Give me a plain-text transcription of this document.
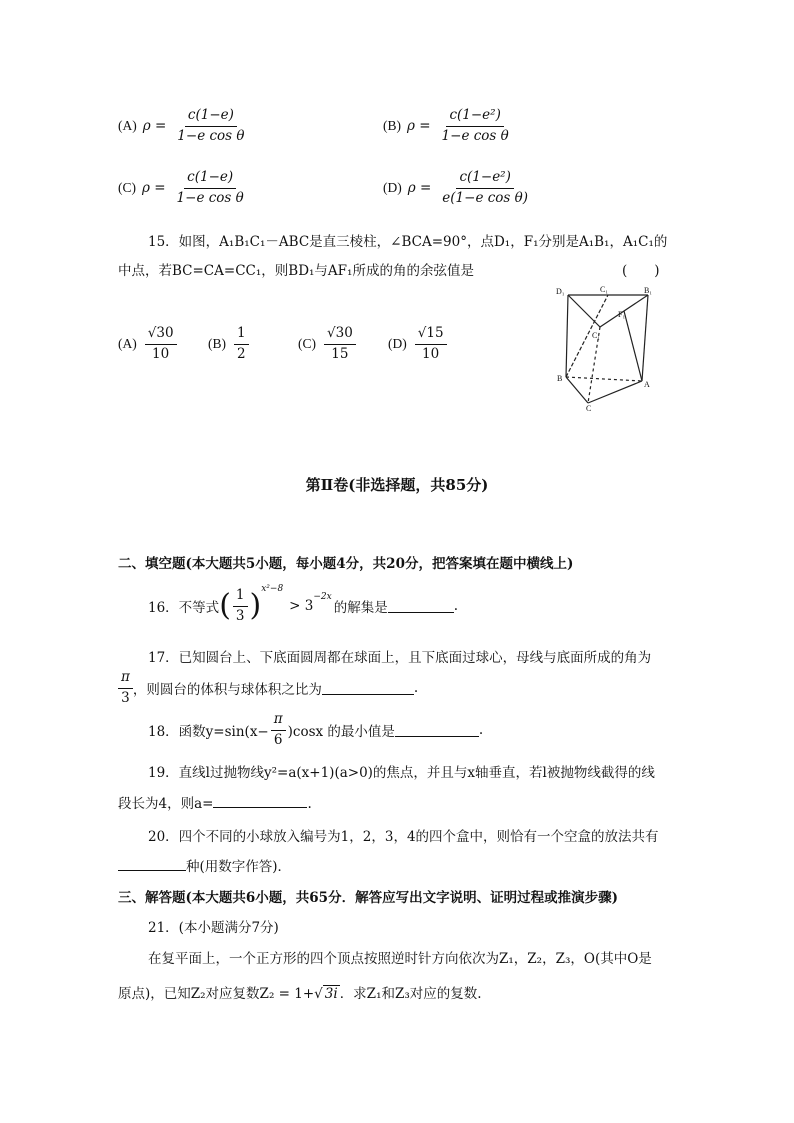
(A) $\rho = \frac{c(1-e)}{\text{1−e cos θ}}$	(B) $\rho = \frac{\text{c(1−e²)}}{\text{1−e cos θ}}$
(C) $\rho = \frac{c(1-e)}{\text{1−e cos θ}}$	(D) $\rho = \frac{\text{c(1−e²)}}{\text{e(1−e cos θ)}}$
15．如图，A₁B₁C₁－ABC是直三棱柱，∠BCA=90°，点D₁，F₁分别是A₁B₁，A₁C₁的
中点，若BC=CA=CC₁，则BD₁与AF₁所成的角的余弦值是	(　　)
$(A) \frac{√30}{10} (B) \frac{1}{2}$	$(C) \frac{√30}{15} (D) \frac{√15}{10}$
D₁	C₁	B₁
F₁
C₁
B
A
C
第Ⅱ卷(非选择题，共85分)
二、填空题(本大题共5小题，每小题4分，共20分，把答案填在题中横线上)
16．不等式 ( $\frac{1}{3}$ ) x²−8
> 3
−2x
的解集是	.
17．已知圆台上、下底面圆周都在球面上，且下底面过球心，母线与底面所成的角为
$\frac{\pi}{3}$ ，则圆台的体积与球体积之比为	.
18．函数$y=\sin(x- \frac{\pi}{6} )\cos x$ 的最小值是	.
19．直线l过抛物线y²=a(x+1)(a>0)的焦点，并且与x轴垂直，若l被抛物线截得的线
段长为4，则a=	.
20．四个不同的小球放入编号为1，2，3，4的四个盒中，则恰有一个空盒的放法共有
种(用数字作答)．
三、解答题(本大题共6小题，共65分．解答应写出文字说明、证明过程或推演步骤)
21．(本小题满分7分)
在复平面上，一个正方形的四个顶点按照逆时针方向依次为Z₁，Z₂，Z₃，O(其中O是
原点)，已知Z₂对应复数Z₂ = 1+ √ 3i ．求Z₁和Z₃对应的复数.
